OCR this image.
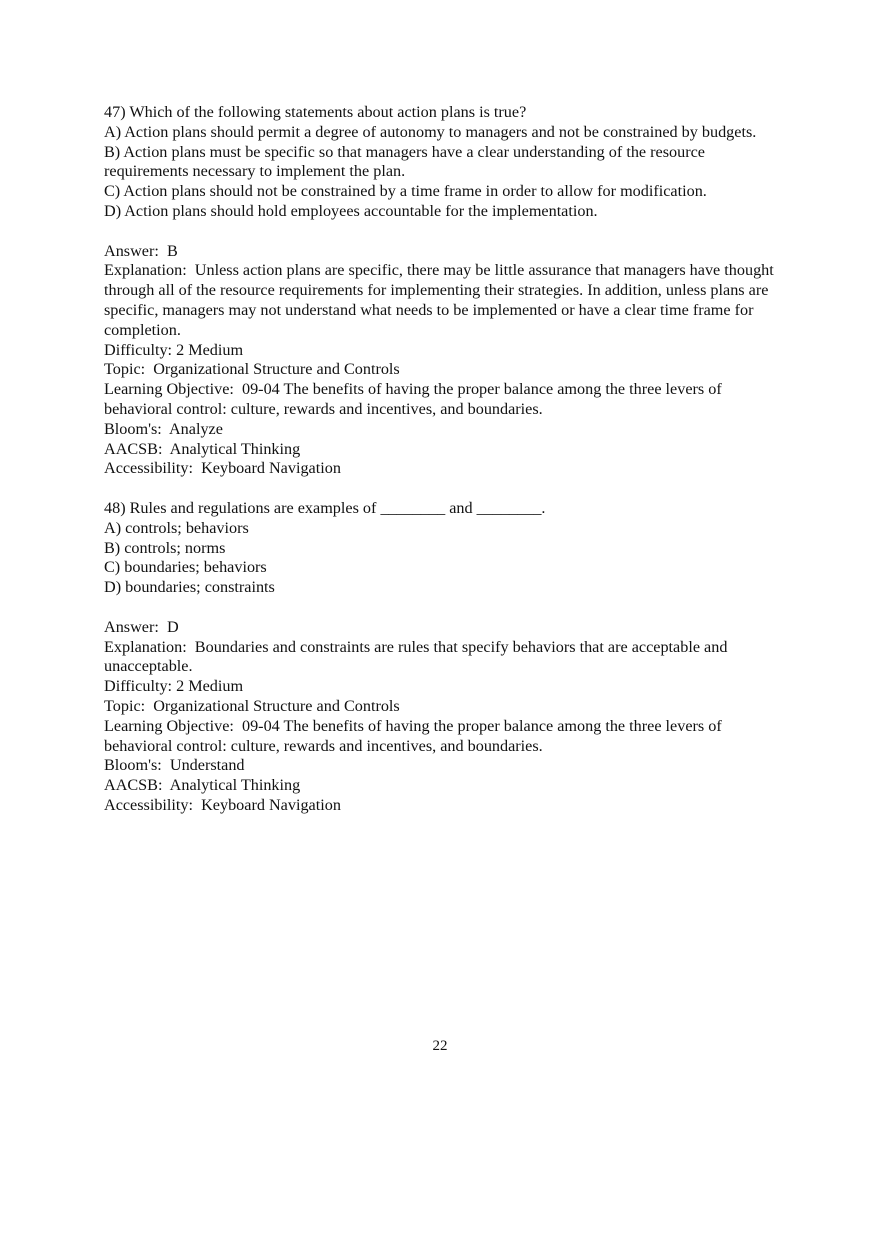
47) Which of the following statements about action plans is true?
A) Action plans should permit a degree of autonomy to managers and not be constrained by budgets.
B) Action plans must be specific so that managers have a clear understanding of the resource requirements necessary to implement the plan.
C) Action plans should not be constrained by a time frame in order to allow for modification.
D) Action plans should hold employees accountable for the implementation.
Answer:  B
Explanation:  Unless action plans are specific, there may be little assurance that managers have thought through all of the resource requirements for implementing their strategies. In addition, unless plans are specific, managers may not understand what needs to be implemented or have a clear time frame for completion.
Difficulty: 2 Medium
Topic:  Organizational Structure and Controls
Learning Objective:  09-04 The benefits of having the proper balance among the three levers of behavioral control: culture, rewards and incentives, and boundaries.
Bloom's:  Analyze
AACSB:  Analytical Thinking
Accessibility:  Keyboard Navigation
48) Rules and regulations are examples of ________ and ________.
A) controls; behaviors
B) controls; norms
C) boundaries; behaviors
D) boundaries; constraints
Answer:  D
Explanation:  Boundaries and constraints are rules that specify behaviors that are acceptable and unacceptable.
Difficulty: 2 Medium
Topic:  Organizational Structure and Controls
Learning Objective:  09-04 The benefits of having the proper balance among the three levers of behavioral control: culture, rewards and incentives, and boundaries.
Bloom's:  Understand
AACSB:  Analytical Thinking
Accessibility:  Keyboard Navigation
22
